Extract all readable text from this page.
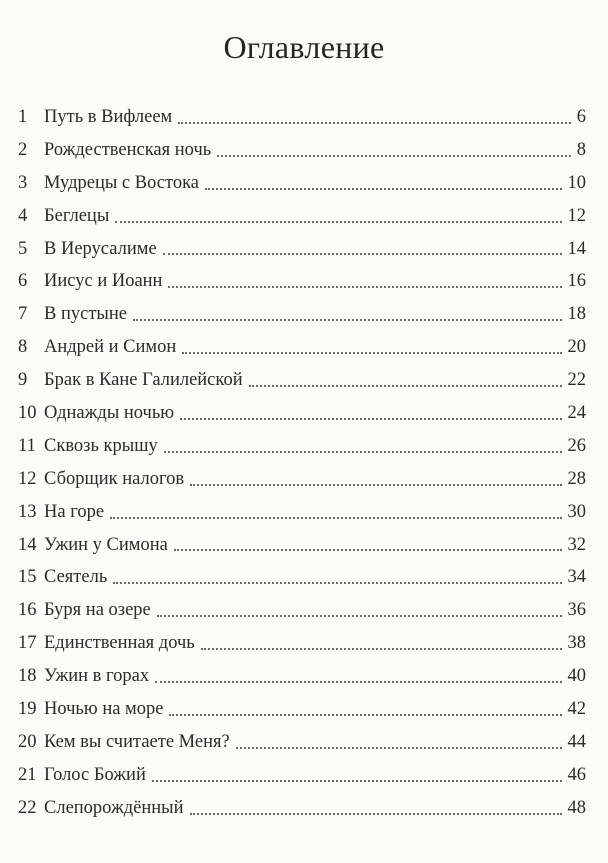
Оглавление
1 Путь в Вифлеем	6
2 Рождественская ночь	8
3 Мудрецы с Востока	10
4 Беглецы	12
5 В Иерусалиме	14
6 Иисус и Иоанн	16
7 В пустыне	18
8 Андрей и Симон	20
9 Брак в Кане Галилейской	22
10 Однажды ночью	24
11 Сквозь крышу	26
12 Сборщик налогов	28
13 На горе	30
14 Ужин у Симона	32
15 Сеятель	34
16 Буря на озере	36
17 Единственная дочь	38
18 Ужин в горах	40
19 Ночью на море	42
20 Кем вы считаете Меня?	44
21 Голос Божий	46
22 Слепорождённый	48
